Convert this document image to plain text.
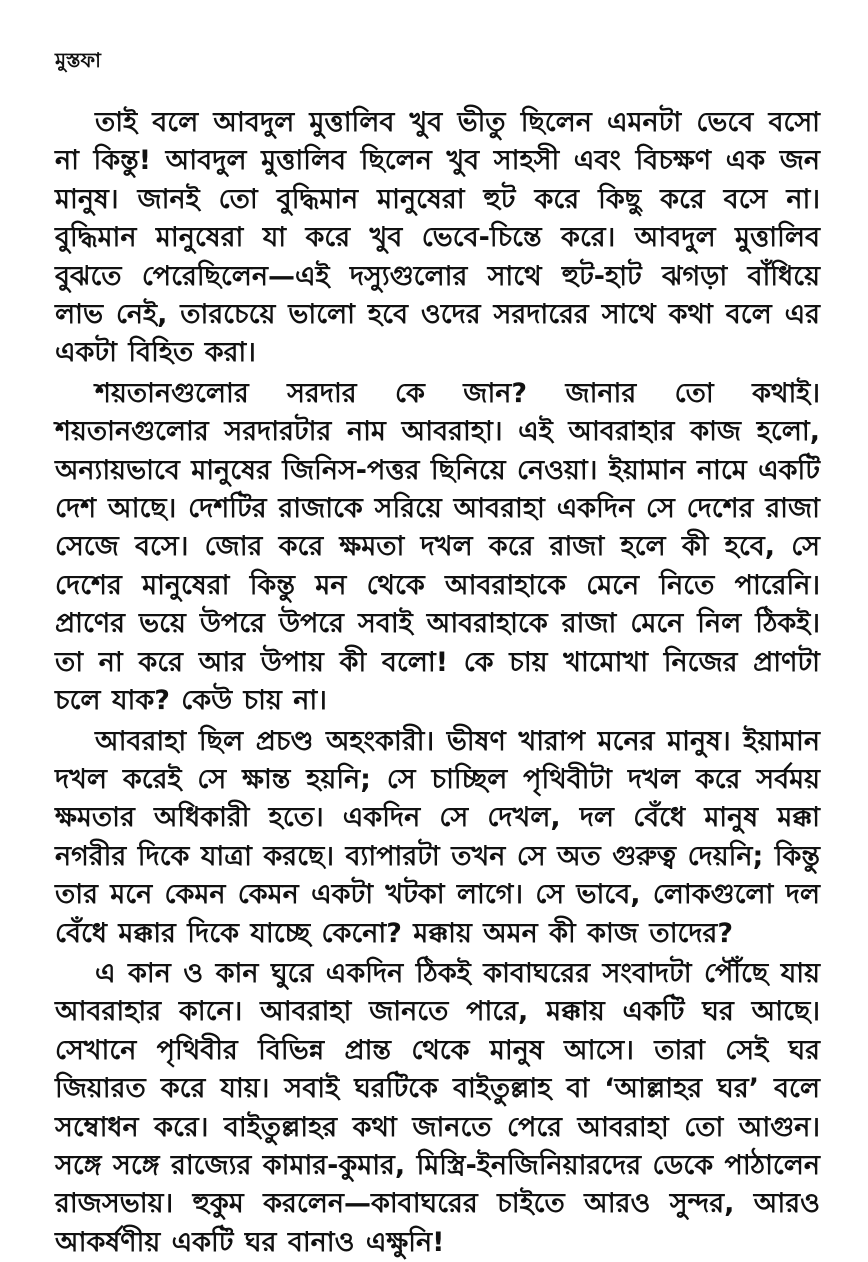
মুস্তফা

তাই বলে আবদুল মুত্তালিব খুব ভীতু ছিলেন এমনটা ভেবে বসো না কিন্তু! আবদুল মুত্তালিব ছিলেন খুব সাহসী এবং বিচক্ষণ এক জন মানুষ। জানই তো বুদ্ধিমান মানুষেরা হুট করে কিছু করে বসে না। বুদ্ধিমান মানুষেরা যা করে খুব ভেবে-চিন্তে করে। আবদুল মুত্তালিব বুঝতে পেরেছিলেন—এই দস্যুগুলোর সাথে হুট-হাট ঝগড়া বাঁধিয়ে লাভ নেই, তারচেয়ে ভালো হবে ওদের সরদারের সাথে কথা বলে এর একটা বিহিত করা।

শয়তানগুলোর সরদার কে জান? জানার তো কথাই। শয়তানগুলোর সরদারটার নাম আবরাহা। এই আবরাহার কাজ হলো, অন্যায়ভাবে মানুষের জিনিস-পত্তর ছিনিয়ে নেওয়া। ইয়ামান নামে একটি দেশ আছে। দেশটির রাজাকে সরিয়ে আবরাহা একদিন সে দেশের রাজা সেজে বসে। জোর করে ক্ষমতা দখল করে রাজা হলে কী হবে, সে দেশের মানুষেরা কিন্তু মন থেকে আবরাহাকে মেনে নিতে পারেনি। প্রাণের ভয়ে উপরে উপরে সবাই আবরাহাকে রাজা মেনে নিল ঠিকই। তা না করে আর উপায় কী বলো! কে চায় খামোখা নিজের প্রাণটা চলে যাক? কেউ চায় না।

আবরাহা ছিল প্রচণ্ড অহংকারী। ভীষণ খারাপ মনের মানুষ। ইয়ামান দখল করেই সে ক্ষান্ত হয়নি; সে চাচ্ছিল পৃথিবীটা দখল করে সর্বময় ক্ষমতার অধিকারী হতে। একদিন সে দেখল, দল বেঁধে মানুষ মক্কা নগরীর দিকে যাত্রা করছে। ব্যাপারটা তখন সে অত গুরুত্ব দেয়নি; কিন্তু তার মনে কেমন কেমন একটা খটকা লাগে। সে ভাবে, লোকগুলো দল বেঁধে মক্কার দিকে যাচ্ছে কেনো? মক্কায় অমন কী কাজ তাদের?

এ কান ও কান ঘুরে একদিন ঠিকই কাবাঘরের সংবাদটা পৌঁছে যায় আবরাহার কানে। আবরাহা জানতে পারে, মক্কায় একটি ঘর আছে। সেখানে পৃথিবীর বিভিন্ন প্রান্ত থেকে মানুষ আসে। তারা সেই ঘর জিয়ারত করে যায়। সবাই ঘরটিকে বাইতুল্লাহ বা ‘আল্লাহর ঘর’ বলে সম্বোধন করে। বাইতুল্লাহর কথা জানতে পেরে আবরাহা তো আগুন। সঙ্গে সঙ্গে রাজ্যের কামার-কুমার, মিস্ত্রি-ইনজিনিয়ারদের ডেকে পাঠালেন রাজসভায়। হুকুম করলেন—কাবাঘরের চাইতে আরও সুন্দর, আরও আকর্ষণীয় একটি ঘর বানাও এক্ষুনি!
